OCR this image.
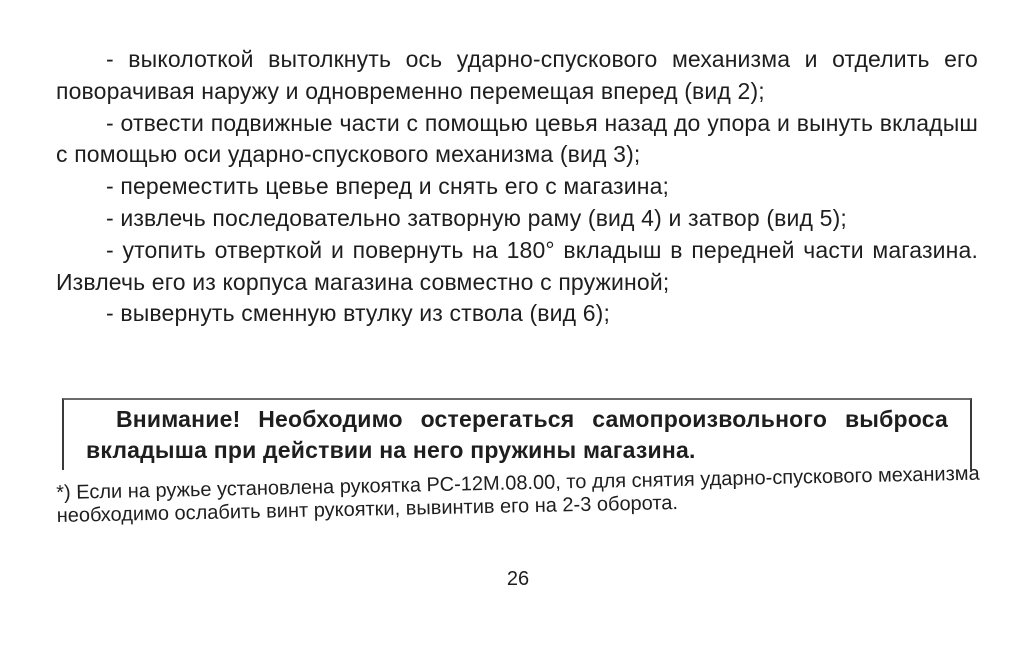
- выколоткой вытолкнуть ось ударно-спускового механизма и отделить его поворачивая наружу и одновременно перемещая вперед (вид 2);

- отвести подвижные части с помощью цевья назад до упора и вынуть вкладыш с помощью оси ударно-спускового механизма (вид 3);

- переместить цевье вперед и снять его с магазина;

- извлечь последовательно затворную раму (вид 4) и затвор (вид 5);

- утопить отверткой и повернуть на 180° вкладыш в передней части магазина. Извлечь его из корпуса магазина совместно с пружиной;

- вывернуть сменную втулку из ствола (вид 6);

Внимание! Необходимо остерегаться самопроизвольного выброса вкладыша при действии на него пружины магазина.

*) Если на ружье установлена рукоятка РС-12М.08.00, то для снятия ударно-спускового механизма необходимо ослабить винт рукоятки, вывинтив его на 2-3 оборота.

26
